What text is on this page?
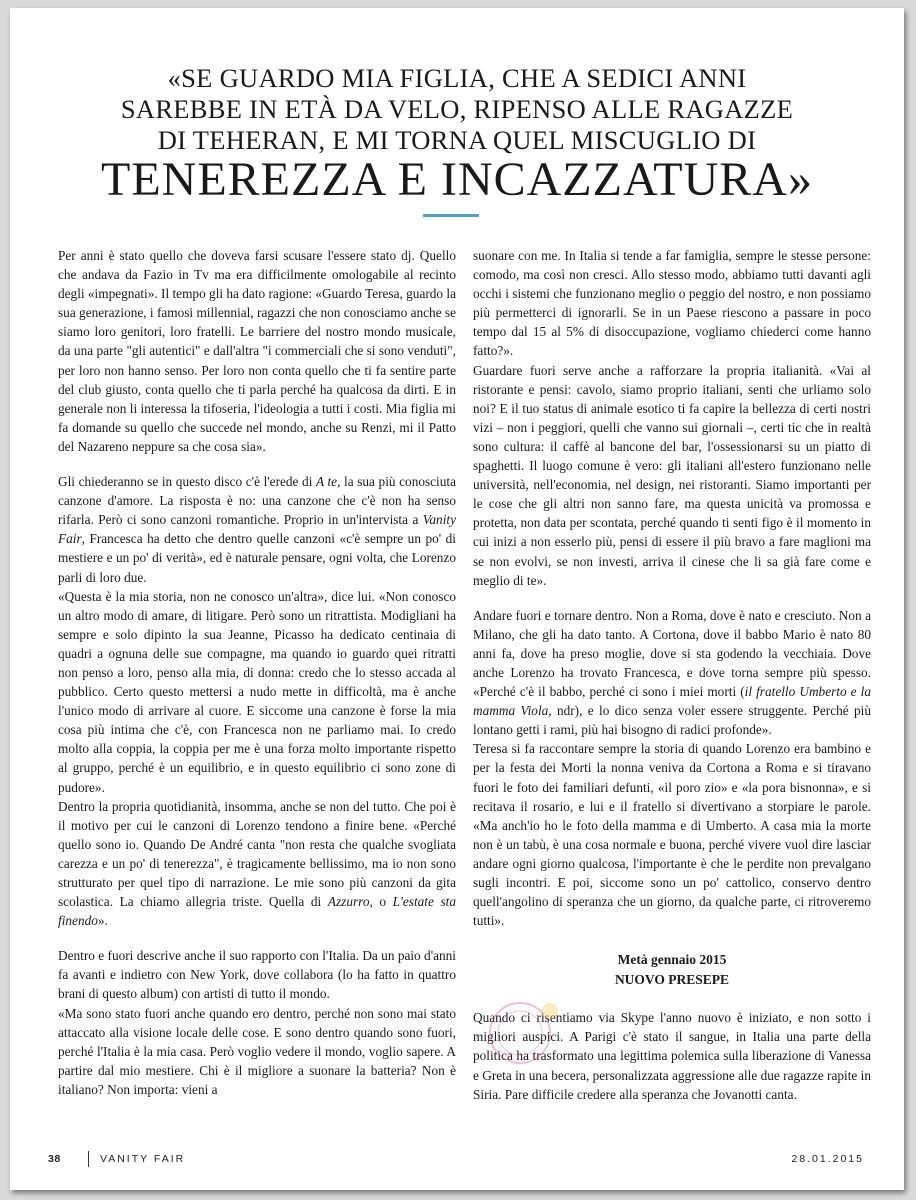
«SE GUARDO MIA FIGLIA, CHE A SEDICI ANNI
SAREBBE IN ETÀ DA VELO, RIPENSO ALLE RAGAZZE
DI TEHERAN, E MI TORNA QUEL MISCUGLIO DI
TENEREZZA E INCAZZATURA»

Per anni è stato quello che doveva farsi scusare l'essere stato dj. Quello che andava da Fazio in Tv ma era difficilmente omologabile al recinto degli «impegnati». Il tempo gli ha dato ragione: «Guardo Teresa, guardo la sua generazione, i famosi millennial, ragazzi che non conosciamo anche se siamo loro genitori, loro fratelli. Le barriere del nostro mondo musicale, da una parte "gli autentici" e dall'altra "i commerciali che si sono venduti", per loro non hanno senso. Per loro non conta quello che ti fa sentire parte del club giusto, conta quello che ti parla perché ha qualcosa da dirti. E in generale non li interessa la tifoseria, l'ideologia a tutti i costi. Mia figlia mi fa domande su quello che succede nel mondo, anche su Renzi, mi il Patto del Nazareno neppure sa che cosa sia».

Gli chiederanno se in questo disco c'è l'erede di A te, la sua più conosciuta canzone d'amore. La risposta è no: una canzone che c'è non ha senso rifarla. Però ci sono canzoni romantiche. Proprio in un'intervista a Vanity Fair, Francesca ha detto che dentro quelle canzoni «c'è sempre un po' di mestiere e un po' di verità», ed è naturale pensare, ogni volta, che Lorenzo parli di loro due.

«Questa è la mia storia, non ne conosco un'altra», dice lui. «Non conosco un altro modo di amare, di litigare. Però sono un ritrattista. Modigliani ha sempre e solo dipinto la sua Jeanne, Picasso ha dedicato centinaia di quadri a ognuna delle sue compagne, ma quando io guardo quei ritratti non penso a loro, penso alla mia, di donna: credo che lo stesso accada al pubblico. Certo questo mettersi a nudo mette in difficoltà, ma è anche l'unico modo di arrivare al cuore. E siccome una canzone è forse la mia cosa più intima che c'è, con Francesca non ne parliamo mai. Io credo molto alla coppia, la coppia per me è una forza molto importante rispetto al gruppo, perché è un equilibrio, e in questo equilibrio ci sono zone di pudore».

Dentro la propria quotidianità, insomma, anche se non del tutto. Che poi è il motivo per cui le canzoni di Lorenzo tendono a finire bene. «Perché quello sono io. Quando De André canta "non resta che qualche svogliata carezza e un po' di tenerezza", è tragicamente bellissimo, ma io non sono strutturato per quel tipo di narrazione. Le mie sono più canzoni da gita scolastica. La chiamo allegria triste. Quella di Azzurro, o L'estate sta finendo».

Dentro e fuori descrive anche il suo rapporto con l'Italia. Da un paio d'anni fa avanti e indietro con New York, dove collabora (lo ha fatto in quattro brani di questo album) con artisti di tutto il mondo.

«Ma sono stato fuori anche quando ero dentro, perché non sono mai stato attaccato alla visione locale delle cose. E sono dentro quando sono fuori, perché l'Italia è la mia casa. Però voglio vedere il mondo, voglio sapere. A partire dal mio mestiere. Chi è il migliore a suonare la batteria? Non è italiano? Non importa: vieni a

suonare con me. In Italia si tende a far famiglia, sempre le stesse persone: comodo, ma così non cresci. Allo stesso modo, abbiamo tutti davanti agli occhi i sistemi che funzionano meglio o peggio del nostro, e non possiamo più permetterci di ignorarli. Se in un Paese riescono a passare in poco tempo dal 15 al 5% di disoccupazione, vogliamo chiederci come hanno fatto?».

Guardare fuori serve anche a rafforzare la propria italianità. «Vai al ristorante e pensi: cavolo, siamo proprio italiani, senti che urliamo solo noi? E il tuo status di animale esotico ti fa capire la bellezza di certi nostri vizi – non i peggiori, quelli che vanno sui giornali –, certi tic che in realtà sono cultura: il caffè al bancone del bar, l'ossessionarsi su un piatto di spaghetti. Il luogo comune è vero: gli italiani all'estero funzionano nelle università, nell'economia, nel design, nei ristoranti. Siamo importanti per le cose che gli altri non sanno fare, ma questa unicità va promossa e protetta, non data per scontata, perché quando ti senti figo è il momento in cui inizi a non esserlo più, pensi di essere il più bravo a fare maglioni ma se non evolvi, se non investi, arriva il cinese che li sa già fare come e meglio di te».

Andare fuori e tornare dentro. Non a Roma, dove è nato e cresciuto. Non a Milano, che gli ha dato tanto. A Cortona, dove il babbo Mario è nato 80 anni fa, dove ha preso moglie, dove si sta godendo la vecchiaia. Dove anche Lorenzo ha trovato Francesca, e dove torna sempre più spesso. «Perché c'è il babbo, perché ci sono i miei morti (il fratello Umberto e la mamma Viola, ndr), e lo dico senza voler essere struggente. Perché più lontano getti i rami, più hai bisogno di radici profonde».

Teresa si fa raccontare sempre la storia di quando Lorenzo era bambino e per la festa dei Morti la nonna veniva da Cortona a Roma e si tiravano fuori le foto dei familiari defunti, «il poro zio» e «la pora bisnonna», e si recitava il rosario, e lui e il fratello si divertivano a storpiare le parole. «Ma anch'io ho le foto della mamma e di Umberto. A casa mia la morte non è un tabù, è una cosa normale e buona, perché vivere vuol dire lasciar andare ogni giorno qualcosa, l'importante è che le perdite non prevalgano sugli incontri. E poi, siccome sono un po' cattolico, conservo dentro quell'angolino di speranza che un giorno, da qualche parte, ci ritroveremo tutti».

Metà gennaio 2015
NUOVO PRESEPE

Quando ci risentiamo via Skype l'anno nuovo è iniziato, e non sotto i migliori auspici. A Parigi c'è stato il sangue, in Italia una parte della politica ha trasformato una legittima polemica sulla liberazione di Vanessa e Greta in una becera, personalizzata aggressione alle due ragazze rapite in Siria. Pare difficile credere alla speranza che Jovanotti canta.

38	VANITY FAIR	28.01.2015
